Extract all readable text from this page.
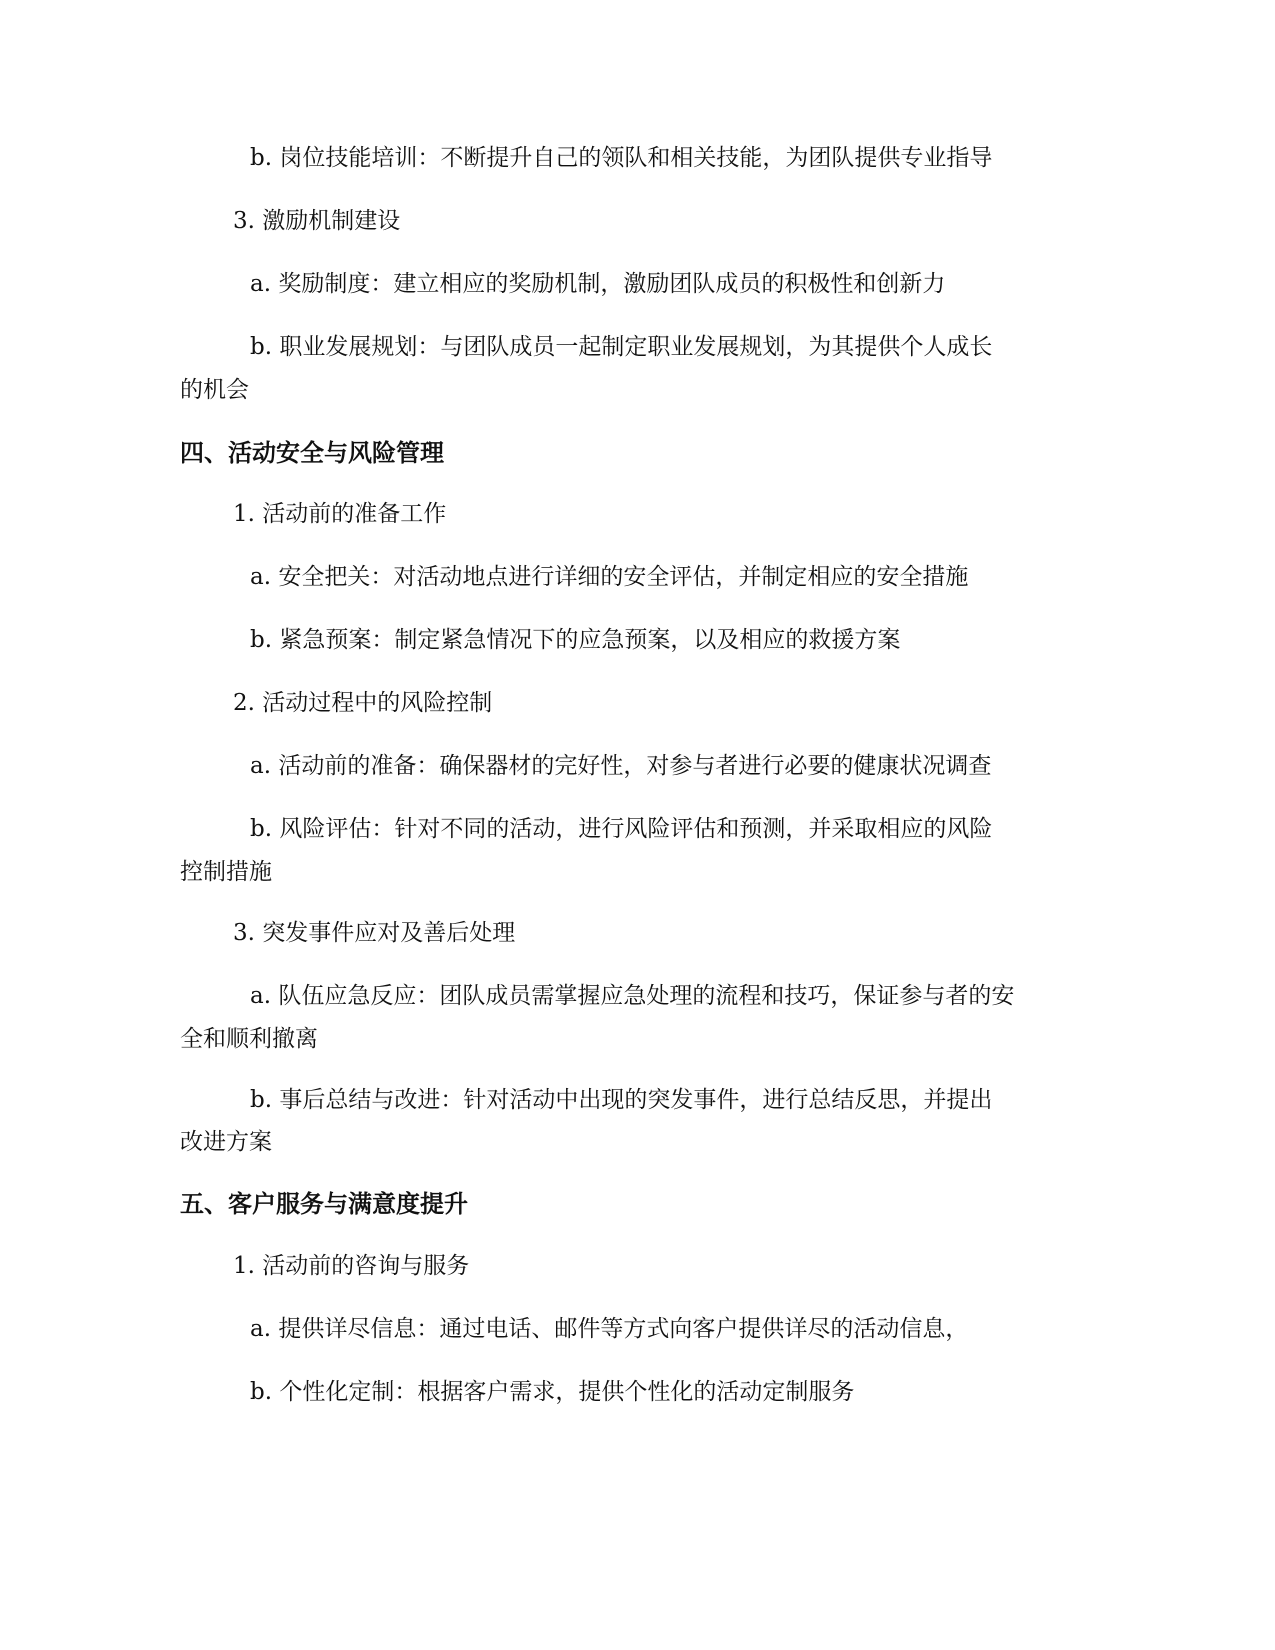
b. 岗位技能培训：不断提升自己的领队和相关技能，为团队提供专业指导
3. 激励机制建设
a. 奖励制度：建立相应的奖励机制，激励团队成员的积极性和创新力
b. 职业发展规划：与团队成员一起制定职业发展规划，为其提供个人成长
的机会
四、活动安全与风险管理
1. 活动前的准备工作
a. 安全把关：对活动地点进行详细的安全评估，并制定相应的安全措施
b. 紧急预案：制定紧急情况下的应急预案，以及相应的救援方案
2. 活动过程中的风险控制
a. 活动前的准备：确保器材的完好性，对参与者进行必要的健康状况调查
b. 风险评估：针对不同的活动，进行风险评估和预测，并采取相应的风险
控制措施
3. 突发事件应对及善后处理
a. 队伍应急反应：团队成员需掌握应急处理的流程和技巧，保证参与者的安
全和顺利撤离
b. 事后总结与改进：针对活动中出现的突发事件，进行总结反思，并提出
改进方案
五、客户服务与满意度提升
1. 活动前的咨询与服务
a. 提供详尽信息：通过电话、邮件等方式向客户提供详尽的活动信息，
b. 个性化定制：根据客户需求，提供个性化的活动定制服务
